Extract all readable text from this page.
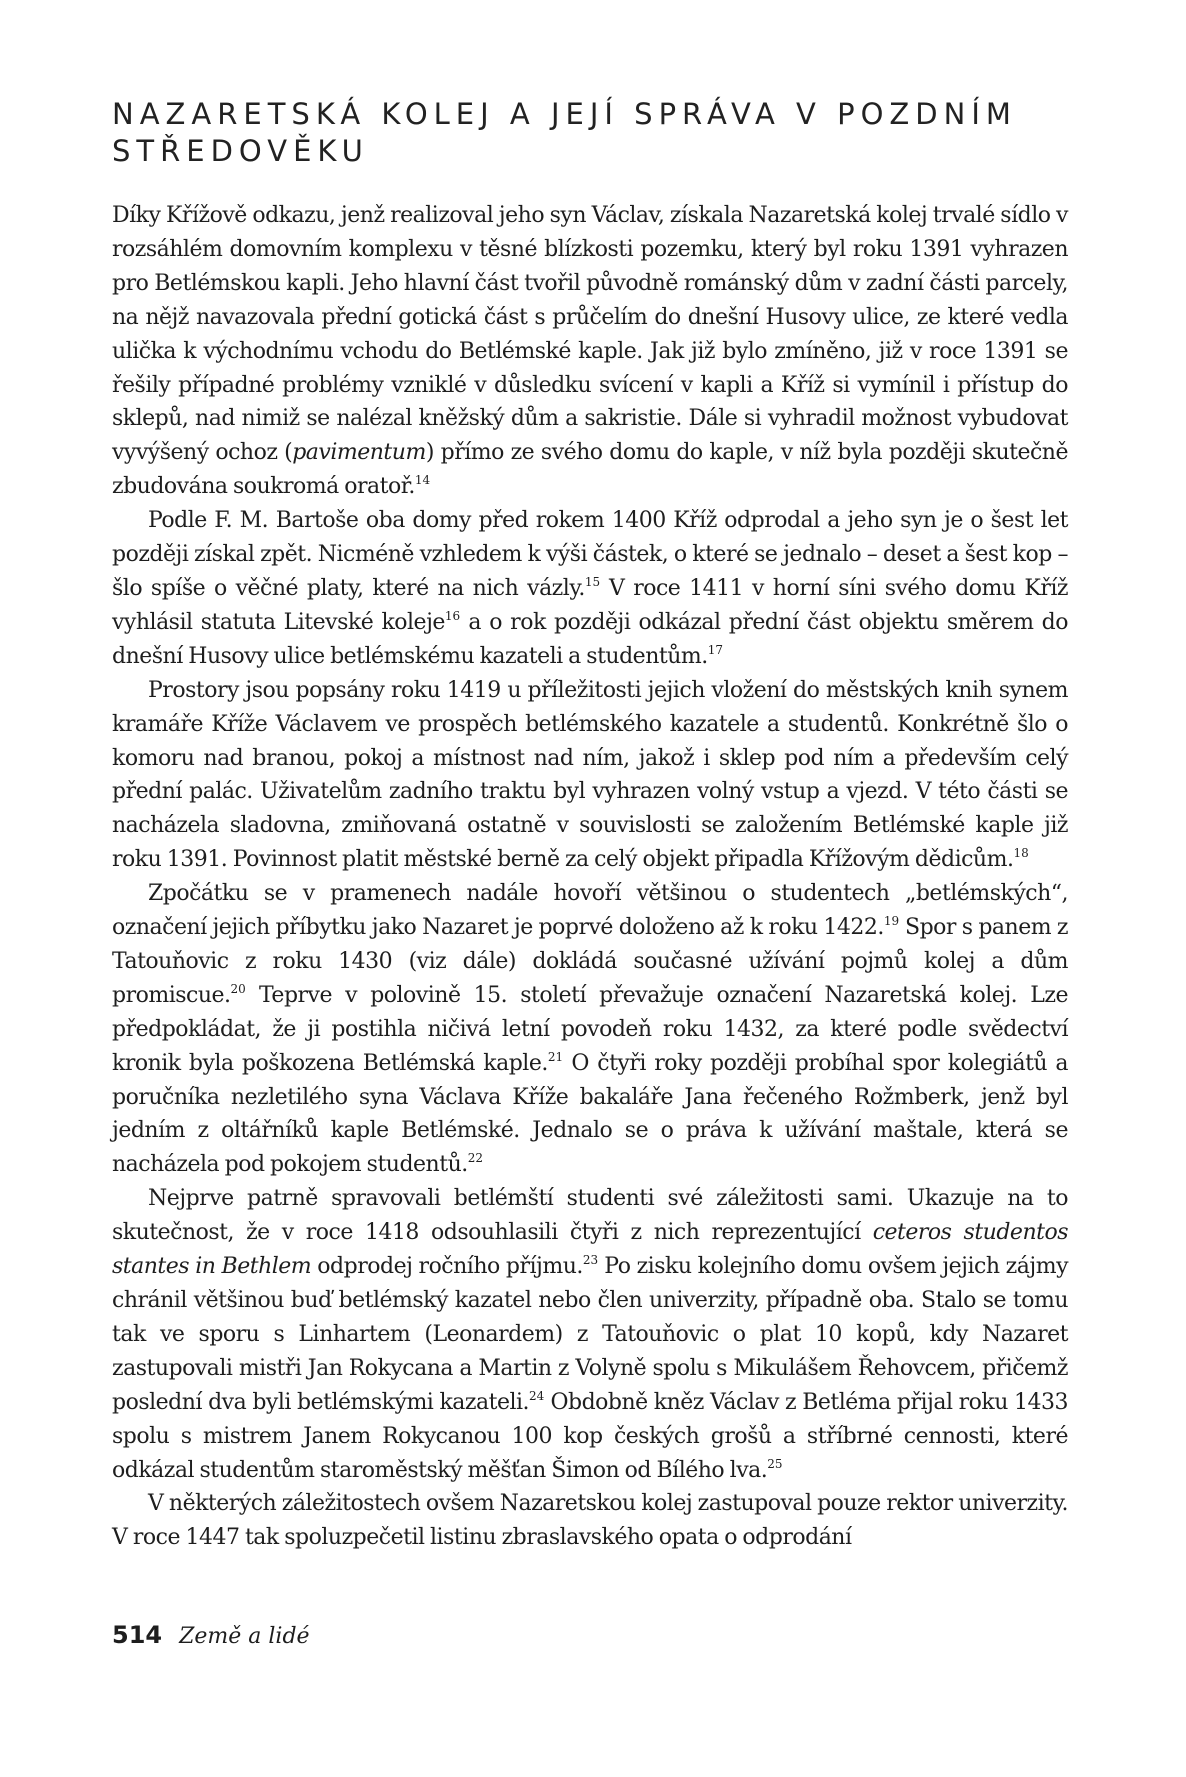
NAZARETSKÁ KOLEJ A JEJÍ SPRÁVA V POZDNÍM
STŘEDOVĚKU

Díky Křížově odkazu, jenž realizoval jeho syn Václav, získala Nazaretská kolej trvalé sídlo v rozsáhlém domovním komplexu v těsné blízkosti pozemku, který byl roku 1391 vyhrazen pro Betlémskou kapli. Jeho hlavní část tvořil původně románský dům v zadní části parcely, na nějž navazovala přední gotická část s průčelím do dnešní Husovy ulice, ze které vedla ulička k východnímu vchodu do Betlémské kaple. Jak již bylo zmíněno, již v roce 1391 se řešily případné problémy vzniklé v důsledku svícení v kapli a Kříž si vymínil i přístup do sklepů, nad nimiž se nalézal kněžský dům a sakristie. Dále si vyhradil možnost vybudovat vyvýšený ochoz (pavimentum) přímo ze svého domu do kaple, v níž byla později skutečně zbudována soukromá oratoř.$^{14}$

Podle F. M. Bartoše oba domy před rokem 1400 Kříž odprodal a jeho syn je o šest let později získal zpět. Nicméně vzhledem k výši částek, o které se jednalo – deset a šest kop – šlo spíše o věčné platy, které na nich vázly.$^{15}$ V roce 1411 v horní síni svého domu Kříž vyhlásil statuta Litevské koleje$^{16}$ a o rok později odkázal přední část objektu směrem do dnešní Husovy ulice betlémskému kazateli a studentům.$^{17}$

Prostory jsou popsány roku 1419 u příležitosti jejich vložení do městských knih synem kramáře Kříže Václavem ve prospěch betlémského kazatele a studentů. Konkrétně šlo o komoru nad branou, pokoj a místnost nad ním, jakož i sklep pod ním a především celý přední palác. Uživatelům zadního traktu byl vyhrazen volný vstup a vjezd. V této části se nacházela sladovna, zmiňovaná ostatně v souvislosti se založením Betlémské kaple již roku 1391. Povinnost platit městské berně za celý objekt připadla Křížovým dědicům.$^{18}$

Zpočátku se v pramenech nadále hovoří většinou o studentech „betlémských“, označení jejich příbytku jako Nazaret je poprvé doloženo až k roku 1422.19 Spor s panem z Tatouňovic z roku 1430 (viz dále) dokládá současné užívání pojmů kolej a dům promiscue.$^{20}$ Teprve v polovině 15. století převažuje označení Nazaretská kolej. Lze předpokládat, že ji postihla ničivá letní povodeň roku 1432, za které podle svědectví kronik byla poškozena Betlémská kaple.$^{21}$ O čtyři roky později probíhal spor kolegiátů a poručníka nezletilého syna Václava Kříže bakaláře Jana řečeného Rožmberk, jenž byl jedním z oltářníků kaple Betlémské. Jednalo se o práva k užívání maštale, která se nacházela pod pokojem studentů.$^{22}$

Nejprve patrně spravovali betlémští studenti své záležitosti sami. Ukazuje na to skutečnost, že v roce 1418 odsouhlasili čtyři z nich reprezentující ceteros studentos stantes in Bethlem odprodej ročního příjmu.$^{23}$ Po zisku kolejního domu ovšem jejich zájmy chránil většinou buď betlémský kazatel nebo člen univerzity, případně oba. Stalo se tomu tak ve sporu s Linhartem (Leonardem) z Tatouňovic o plat 10 kopů, kdy Nazaret zastupovali mistři Jan Rokycana a Martin z Volyně spolu s Mikulášem Řehovcem, přičemž poslední dva byli betlémskými kazateli.$^{24}$ Obdobně kněz Václav z Betléma přijal roku 1433 spolu s mistrem Janem Rokycanou 100 kop českých grošů a stříbrné cennosti, které odkázal studentům staroměstský měšťan Šimon od Bílého lva.$^{25}$

V některých záležitostech ovšem Nazaretskou kolej zastupoval pouze rektor univerzity. V roce 1447 tak spoluzpečetil listinu zbraslavského opata o odprodání

514 Země a lidé
